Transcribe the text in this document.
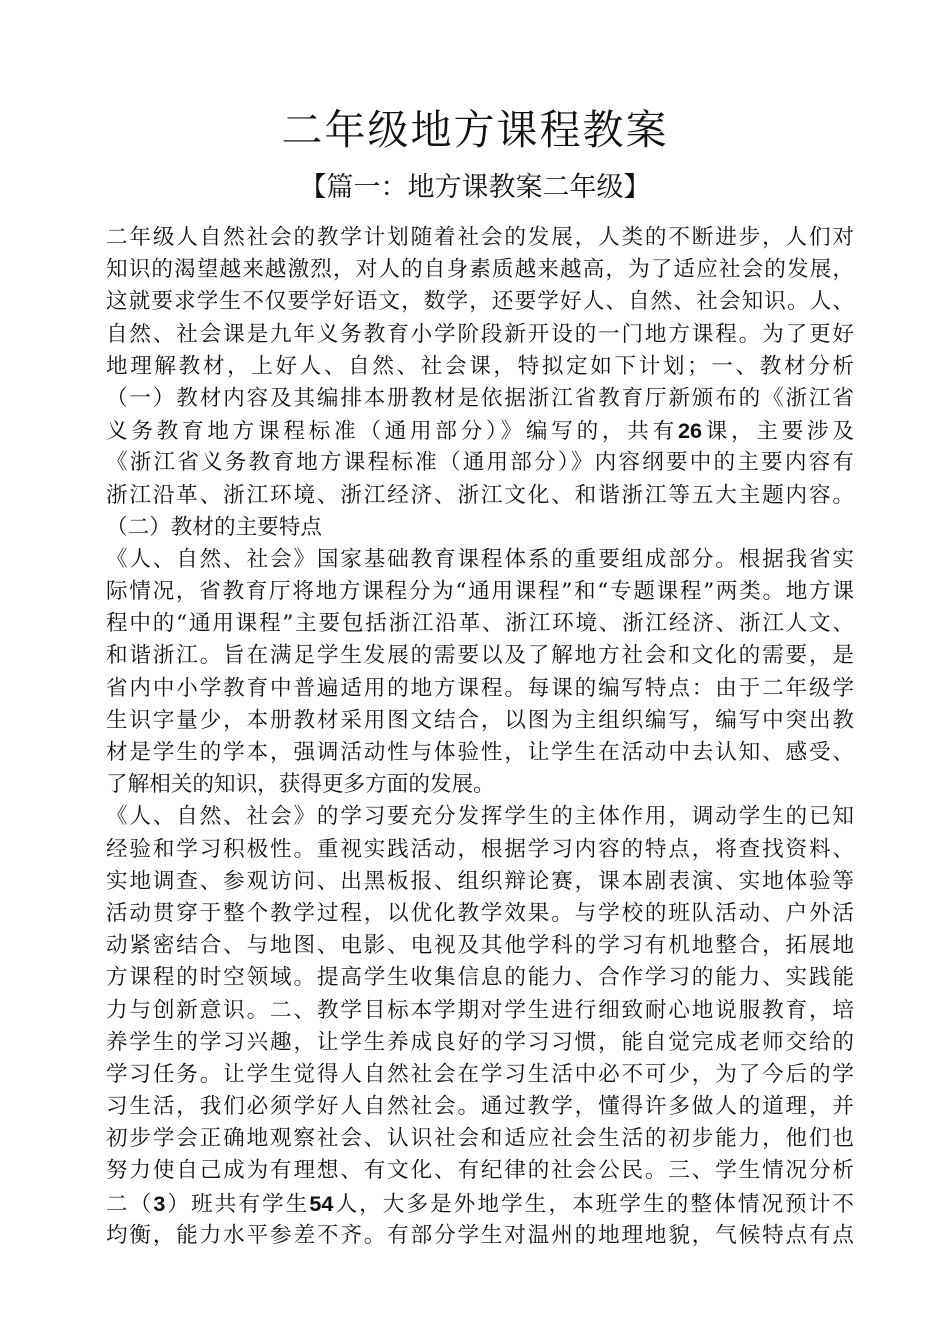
二年级地方课程教案
【篇一：地方课教案二年级】
二年级人自然社会的教学计划随着社会的发展，人类的不断进步，人们对
知识的渴望越来越激烈，对人的自身素质越来越高，为了适应社会的发展，
这就要求学生不仅要学好语文，数学，还要学好人、自然、社会知识。人、
自然、社会课是九年义务教育小学阶段新开设的一门地方课程。为了更好
地理解教材，上好人、自然、社会课，特拟定如下计划；一、教材分析
（一）教材内容及其编排本册教材是依据浙江省教育厅新颁布的《浙江省
义务教育地方课程标准（通用部分）》编写的，共有26课，主要涉及
《浙江省义务教育地方课程标准（通用部分）》内容纲要中的主要内容有
浙江沿革、浙江环境、浙江经济、浙江文化、和谐浙江等五大主题内容。
（二）教材的主要特点
《人、自然、社会》国家基础教育课程体系的重要组成部分。根据我省实
际情况，省教育厅将地方课程分为“通用课程”和“专题课程”两类。地方课
程中的“通用课程”主要包括浙江沿革、浙江环境、浙江经济、浙江人文、
和谐浙江。旨在满足学生发展的需要以及了解地方社会和文化的需要，是
省内中小学教育中普遍适用的地方课程。每课的编写特点：由于二年级学
生识字量少，本册教材采用图文结合，以图为主组织编写，编写中突出教
材是学生的学本，强调活动性与体验性，让学生在活动中去认知、感受、
了解相关的知识，获得更多方面的发展。
《人、自然、社会》的学习要充分发挥学生的主体作用，调动学生的已知
经验和学习积极性。重视实践活动，根据学习内容的特点，将查找资料、
实地调查、参观访问、出黑板报、组织辩论赛，课本剧表演、实地体验等
活动贯穿于整个教学过程，以优化教学效果。与学校的班队活动、户外活
动紧密结合、与地图、电影、电视及其他学科的学习有机地整合，拓展地
方课程的时空领域。提高学生收集信息的能力、合作学习的能力、实践能
力与创新意识。二、教学目标本学期对学生进行细致耐心地说服教育，培
养学生的学习兴趣，让学生养成良好的学习习惯，能自觉完成老师交给的
学习任务。让学生觉得人自然社会在学习生活中必不可少，为了今后的学
习生活，我们必须学好人自然社会。通过教学，懂得许多做人的道理，并
初步学会正确地观察社会、认识社会和适应社会生活的初步能力，他们也
努力使自己成为有理想、有文化、有纪律的社会公民。三、学生情况分析
二（3）班共有学生54人，大多是外地学生，本班学生的整体情况预计不
均衡，能力水平参差不齐。有部分学生对温州的地理地貌，气候特点有点
